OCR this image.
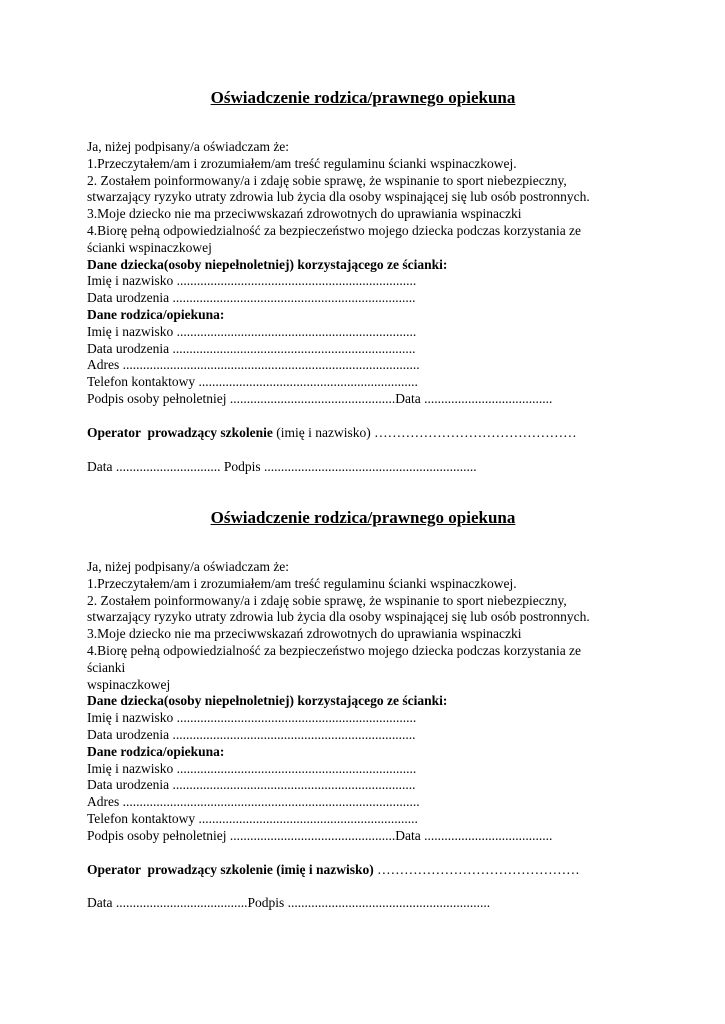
Oświadczenie rodzica/prawnego opiekuna
Ja, niżej podpisany/a oświadczam że:
1.Przeczytałem/am i zrozumiałem/am treść regulaminu ścianki wspinaczkowej.
2. Zostałem poinformowany/a i zdaję sobie sprawę, że wspinanie to sport niebezpieczny,
stwarzający ryzyko utraty zdrowia lub życia dla osoby wspinającej się lub osób postronnych.
3.Moje dziecko nie ma przeciwwskazań zdrowotnych do uprawiania wspinaczki
4.Biorę pełną odpowiedzialność za bezpieczeństwo mojego dziecka podczas korzystania ze
ścianki wspinaczkowej
Dane dziecka(osoby niepełnoletniej) korzystającego ze ścianki:
Imię i nazwisko .......................................................................
Data urodzenia ........................................................................
Dane rodzica/opiekuna:
Imię i nazwisko .......................................................................
Data urodzenia ........................................................................
Adres ........................................................................................
Telefon kontaktowy .................................................................
Podpis osoby pełnoletniej .................................................Data ......................................
Operator  prowadzący szkolenie (imię i nazwisko) ………………………………………
Data ............................... Podpis ...............................................................
Oświadczenie rodzica/prawnego opiekuna
Ja, niżej podpisany/a oświadczam że:
1.Przeczytałem/am i zrozumiałem/am treść regulaminu ścianki wspinaczkowej.
2. Zostałem poinformowany/a i zdaję sobie sprawę, że wspinanie to sport niebezpieczny,
stwarzający ryzyko utraty zdrowia lub życia dla osoby wspinającej się lub osób postronnych.
3.Moje dziecko nie ma przeciwwskazań zdrowotnych do uprawiania wspinaczki
4.Biorę pełną odpowiedzialność za bezpieczeństwo mojego dziecka podczas korzystania ze
ścianki
wspinaczkowej
Dane dziecka(osoby niepełnoletniej) korzystającego ze ścianki:
Imię i nazwisko .......................................................................
Data urodzenia ........................................................................
Dane rodzica/opiekuna:
Imię i nazwisko .......................................................................
Data urodzenia ........................................................................
Adres ........................................................................................
Telefon kontaktowy .................................................................
Podpis osoby pełnoletniej .................................................Data ......................................
Operator  prowadzący szkolenie (imię i nazwisko) ………………………………………
Data .......................................Podpis ............................................................
